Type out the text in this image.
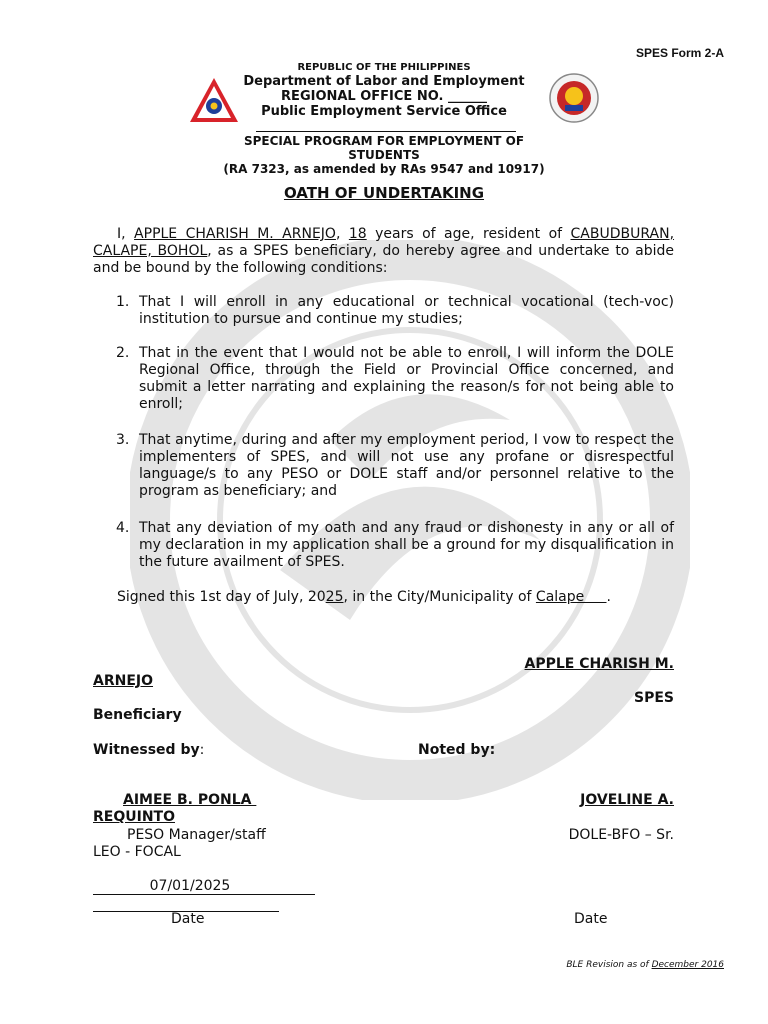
SPES Form 2-A
REPUBLIC OF THE PHILIPPINES
Department of Labor and Employment
REGIONAL OFFICE NO. ______
Public Employment Service Office
SPECIAL PROGRAM FOR EMPLOYMENT OF
STUDENTS
(RA 7323, as amended by RAs 9547 and 10917)
OATH OF UNDERTAKING
I, APPLE CHARISH M. ARNEJO, 18 years of age, resident of CABUDBURAN, CALAPE, BOHOL, as a SPES beneficiary, do hereby agree and undertake to abide and be bound by the following conditions:
1. That I will enroll in any educational or technical vocational (tech-voc) institution to pursue and continue my studies;
2. That in the event that I would not be able to enroll, I will inform the DOLE Regional Office, through the Field or Provincial Office concerned, and submit a letter narrating and explaining the reason/s for not being able to enroll;
3. That anytime, during and after my employment period, I vow to respect the implementers of SPES, and will not use any profane or disrespectful language/s to any PESO or DOLE staff and/or personnel relative to the program as beneficiary; and
4. That any deviation of my oath and any fraud or dishonesty in any or all of my declaration in my application shall be a ground for my disqualification in the future availment of SPES.
Signed this 1st day of July, 2025, in the City/Municipality of Calape     .
APPLE CHARISH M.
ARNEJO
SPES
Beneficiary
Witnessed by:	Noted by:
AIMEE B. PONLA
REQUINTO
JOVELINE A.
PESO Manager/staff	DOLE-BFO – Sr.
LEO - FOCAL
07/01/2025
Date	Date
BLE Revision as of December 2016
